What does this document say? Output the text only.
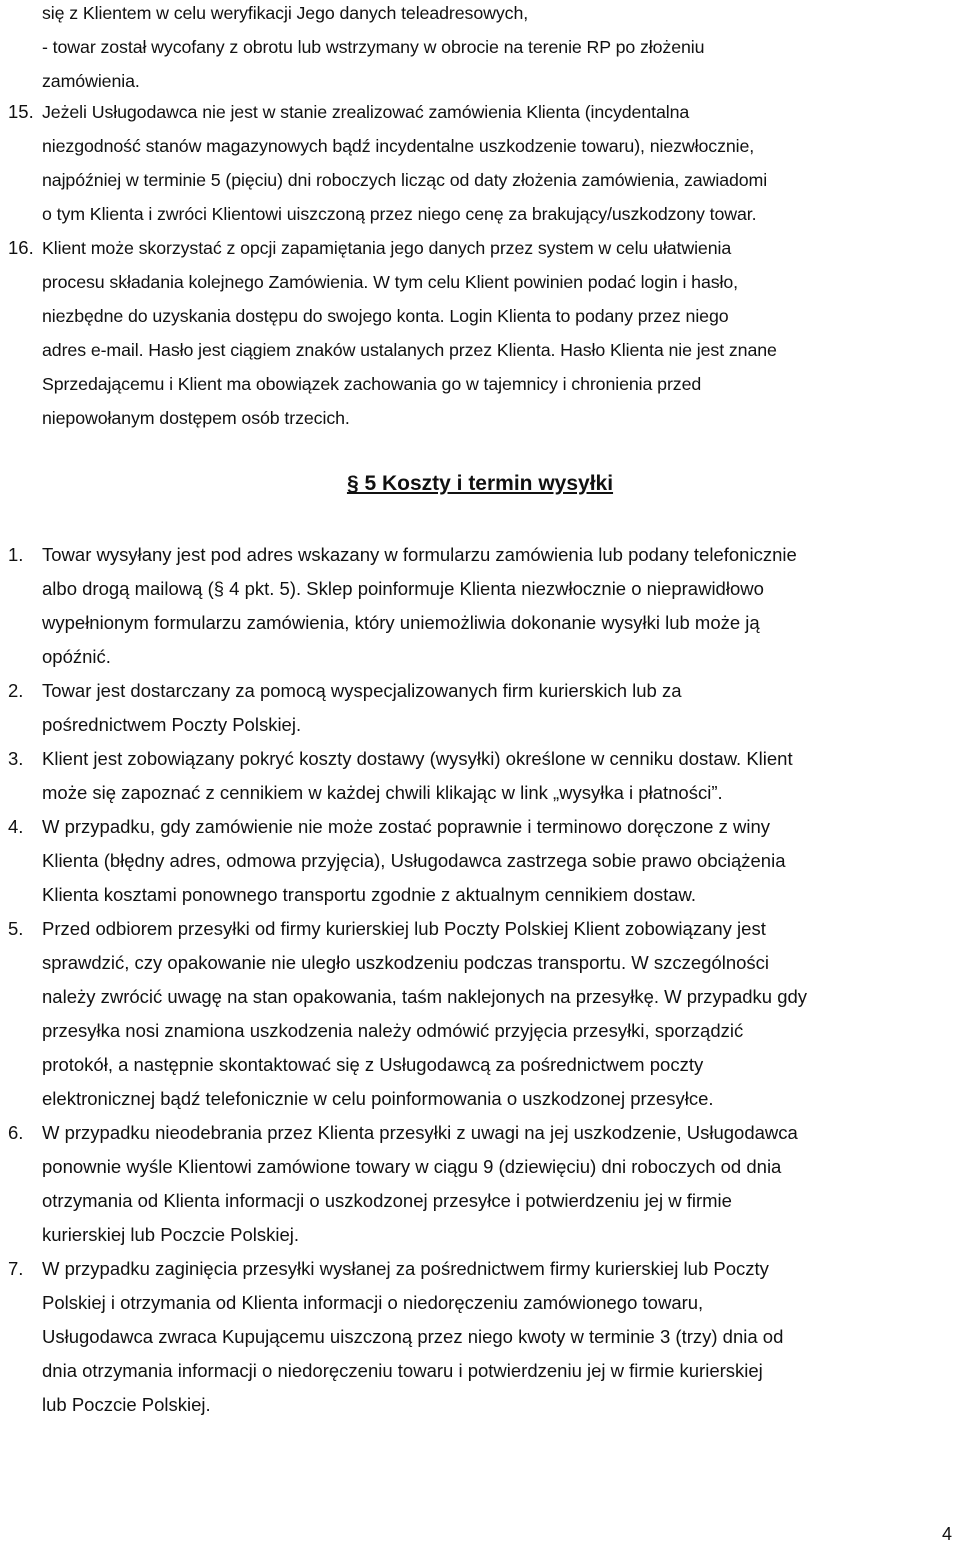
się z Klientem w celu weryfikacji Jego danych teleadresowych,
- towar został wycofany z obrotu lub wstrzymany w obrocie na terenie RP po złożeniu
zamówienia.
15. Jeżeli Usługodawca nie jest w stanie zrealizować zamówienia Klienta (incydentalna
niezgodność stanów magazynowych bądź incydentalne uszkodzenie towaru), niezwłocznie,
najpóźniej w terminie 5 (pięciu) dni roboczych licząc od daty złożenia zamówienia, zawiadomi
o tym Klienta i zwróci Klientowi uiszczoną przez niego cenę za brakujący/uszkodzony towar.
16. Klient może skorzystać z opcji zapamiętania jego danych przez system w celu ułatwienia
procesu składania kolejnego Zamówienia. W tym celu Klient powinien podać login i hasło,
niezbędne do uzyskania dostępu do swojego konta. Login Klienta to podany przez niego
adres e-mail. Hasło jest ciągiem znaków ustalanych przez Klienta. Hasło Klienta nie jest znane
Sprzedającemu i Klient ma obowiązek zachowania go w tajemnicy i chronienia przed
niepowołanym dostępem osób trzecich.
§ 5 Koszty i termin wysyłki
1. Towar wysyłany jest pod adres wskazany w formularzu zamówienia lub podany telefonicznie
albo drogą mailową (§ 4 pkt. 5). Sklep poinformuje Klienta niezwłocznie o nieprawidłowo
wypełnionym formularzu zamówienia, który uniemożliwia dokonanie wysyłki lub może ją
opóźnić.
2. Towar jest dostarczany za pomocą wyspecjalizowanych firm kurierskich lub za
pośrednictwem Poczty Polskiej.
3. Klient jest zobowiązany pokryć koszty dostawy (wysyłki) określone w cenniku dostaw. Klient
może się zapoznać z cennikiem w każdej chwili klikając w link „wysyłka i płatności”.
4. W przypadku, gdy zamówienie nie może zostać poprawnie i terminowo doręczone z winy
Klienta (błędny adres, odmowa przyjęcia), Usługodawca zastrzega sobie prawo obciążenia
Klienta kosztami ponownego transportu zgodnie z aktualnym cennikiem dostaw.
5. Przed odbiorem przesyłki od firmy kurierskiej lub Poczty Polskiej Klient zobowiązany jest
sprawdzić, czy opakowanie nie uległo uszkodzeniu podczas transportu. W szczególności
należy zwrócić uwagę na stan opakowania, taśm naklejonych na przesyłkę. W przypadku gdy
przesyłka nosi znamiona uszkodzenia należy odmówić przyjęcia przesyłki, sporządzić
protokół, a następnie skontaktować się z Usługodawcą za pośrednictwem poczty
elektronicznej bądź telefonicznie w celu poinformowania o uszkodzonej przesyłce.
6. W przypadku nieodebrania przez Klienta przesyłki z uwagi na jej uszkodzenie, Usługodawca
ponownie wyśle Klientowi zamówione towary w ciągu 9 (dziewięciu) dni roboczych od dnia
otrzymania od Klienta informacji o uszkodzonej przesyłce i potwierdzeniu jej w firmie
kurierskiej lub Poczcie Polskiej.
7. W przypadku zaginięcia przesyłki wysłanej za pośrednictwem firmy kurierskiej lub Poczty
Polskiej i otrzymania od Klienta informacji o niedoręczeniu zamówionego towaru,
Usługodawca zwraca Kupującemu uiszczoną przez niego kwoty w terminie 3 (trzy) dnia od
dnia otrzymania informacji o niedoręczeniu towaru i potwierdzeniu jej w firmie kurierskiej
lub Poczcie Polskiej.
4
